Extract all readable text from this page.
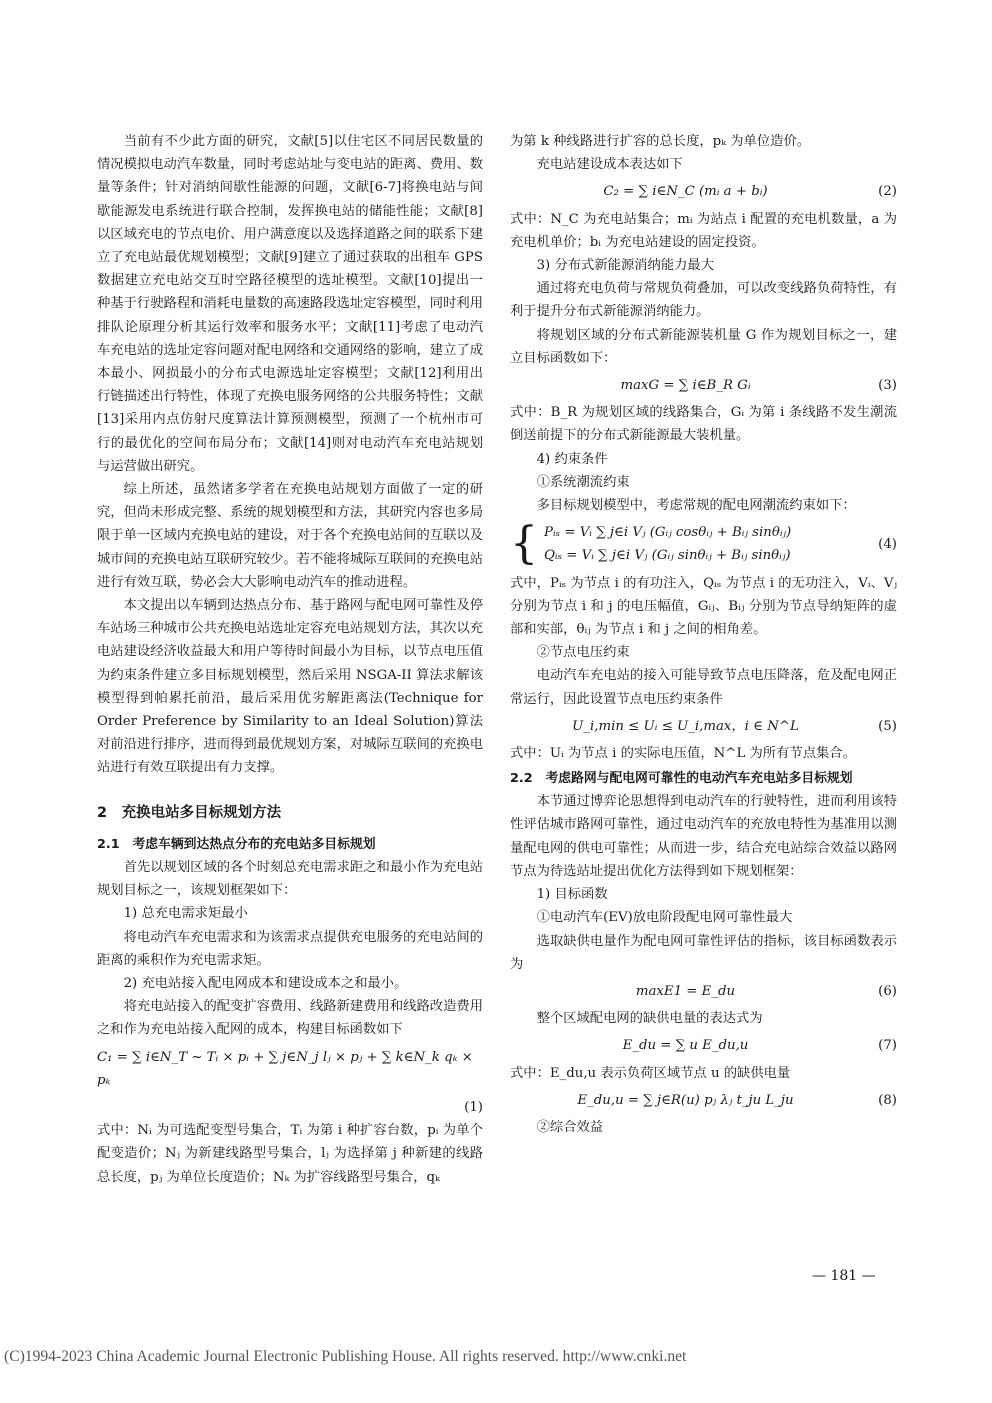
当前有不少此方面的研究，文献[5]以住宅区不同居民数量的情况模拟电动汽车数量，同时考虑站址与变电站的距离、费用、数量等条件；针对消纳间歇性能源的问题，文献[6-7]将换电站与间歇能源发电系统进行联合控制，发挥换电站的储能性能；文献[8]以区域充电的节点电价、用户满意度以及选择道路之间的联系下建立了充电站最优规划模型；文献[9]建立了通过获取的出租车 GPS 数据建立充电站交互时空路径模型的选址模型。文献[10]提出一种基于行驶路程和消耗电量数的高速路段选址定容模型，同时利用排队论原理分析其运行效率和服务水平；文献[11]考虑了电动汽车充电站的选址定容问题对配电网络和交通网络的影响，建立了成本最小、网损最小的分布式电源选址定容模型；文献[12]利用出行链描述出行特性，体现了充换电服务网络的公共服务特性；文献[13]采用内点仿射尺度算法计算预测模型，预测了一个杭州市可行的最优化的空间布局分布；文献[14]则对电动汽车充电站规划与运营做出研究。

综上所述，虽然诸多学者在充换电站规划方面做了一定的研究，但尚未形成完整、系统的规划模型和方法，其研究内容也多局限于单一区域内充换电站的建设，对于各个充换电站间的互联以及城市间的充换电站互联研究较少。若不能将城际互联间的充换电站进行有效互联，势必会大大影响电动汽车的推动进程。

本文提出以车辆到达热点分布、基于路网与配电网可靠性及停车站场三种城市公共充换电站选址定容充电站规划方法，其次以充电站建设经济收益最大和用户等待时间最小为目标，以节点电压值为约束条件建立多目标规划模型，然后采用 NSGA-II 算法求解该模型得到帕累托前沿，最后采用优劣解距离法(Technique for Order Preference by Similarity to an Ideal Solution)算法对前沿进行排序，进而得到最优规划方案，对城际互联间的充换电站进行有效互联提出有力支撑。

2　充换电站多目标规划方法
2.1　考虑车辆到达热点分布的充电站多目标规划

首先以规划区域的各个时刻总充电需求距之和最小作为充电站规划目标之一，该规划框架如下：

1) 总充电需求矩最小

将电动汽车充电需求和为该需求点提供充电服务的充电站间的距离的乘积作为充电需求矩。

2) 充电站接入配电网成本和建设成本之和最小。

将充电站接入的配变扩容费用、线路新建费用和线路改造费用之和作为充电站接入配网的成本，构建目标函数如下

C₁ = ∑ i∈N_T ~ Tᵢ × pᵢ + ∑ j∈N_j lⱼ × pⱼ + ∑ k∈N_k qₖ × pₖ

(1)

式中：Nᵢ 为可选配变型号集合，Tᵢ 为第 i 种扩容台数，pᵢ 为单个配变造价；Nⱼ 为新建线路型号集合，lⱼ 为选择第 j 种新建的线路总长度，pⱼ 为单位长度造价；Nₖ 为扩容线路型号集合，qₖ

为第 k 种线路进行扩容的总长度，pₖ 为单位造价。

充电站建设成本表达如下

C₂ = ∑ i∈N_C (mᵢ a + bᵢ)	(2)

式中：N_C 为充电站集合；mᵢ 为站点 i 配置的充电机数量，a 为充电机单价；bᵢ 为充电站建设的固定投资。

3) 分布式新能源消纳能力最大

通过将充电负荷与常规负荷叠加，可以改变线路负荷特性，有利于提升分布式新能源消纳能力。

将规划区域的分布式新能源装机量 G 作为规划目标之一，建立目标函数如下：

maxG = ∑ i∈B_R Gᵢ	(3)

式中：B_R 为规划区域的线路集合，Gᵢ 为第 i 条线路不发生潮流倒送前提下的分布式新能源最大装机量。

4) 约束条件

①系统潮流约束

多目标规划模型中，考虑常规的配电网潮流约束如下：

{ Pᵢₛ = Vᵢ ∑ j∈i Vⱼ (Gᵢⱼ cosθᵢⱼ + Bᵢⱼ sinθᵢⱼ)
Qᵢₛ = Vᵢ ∑ j∈i Vⱼ (Gᵢⱼ sinθᵢⱼ + Bᵢⱼ sinθᵢⱼ)
(4)

式中，Pᵢₛ 为节点 i 的有功注入，Qᵢₛ 为节点 i 的无功注入，Vᵢ、Vⱼ 分别为节点 i 和 j 的电压幅值，Gᵢⱼ、Bᵢⱼ 分别为节点导纳矩阵的虚部和实部，θᵢⱼ 为节点 i 和 j 之间的相角差。

②节点电压约束

电动汽车充电站的接入可能导致节点电压降落，危及配电网正常运行，因此设置节点电压约束条件

U_i,min ≤ Uᵢ ≤ U_i,max，i ∈ N^L	(5)

式中：Uᵢ 为节点 i 的实际电压值，N^L 为所有节点集合。

2.2　考虑路网与配电网可靠性的电动汽车充电站多目标规划

本节通过博弈论思想得到电动汽车的行驶特性，进而利用该特性评估城市路网可靠性，通过电动汽车的充放电特性为基准用以测量配电网的供电可靠性；从而进一步，结合充电站综合效益以路网节点为待选站址提出优化方法得到如下规划框架：

1) 目标函数

①电动汽车(EV)放电阶段配电网可靠性最大

选取缺供电量作为配电网可靠性评估的指标，该目标函数表示为

maxE1 = E_du	(6)

整个区域配电网的缺供电量的表达式为

E_du = ∑ u E_du,u	(7)

式中：E_du,u 表示负荷区域节点 u 的缺供电量

E_du,u = ∑ j∈R(u) pⱼ λⱼ t_ju L_ju	(8)

②综合效益

— 181 —
(C)1994-2023 China Academic Journal Electronic Publishing House. All rights reserved. http://www.cnki.net
